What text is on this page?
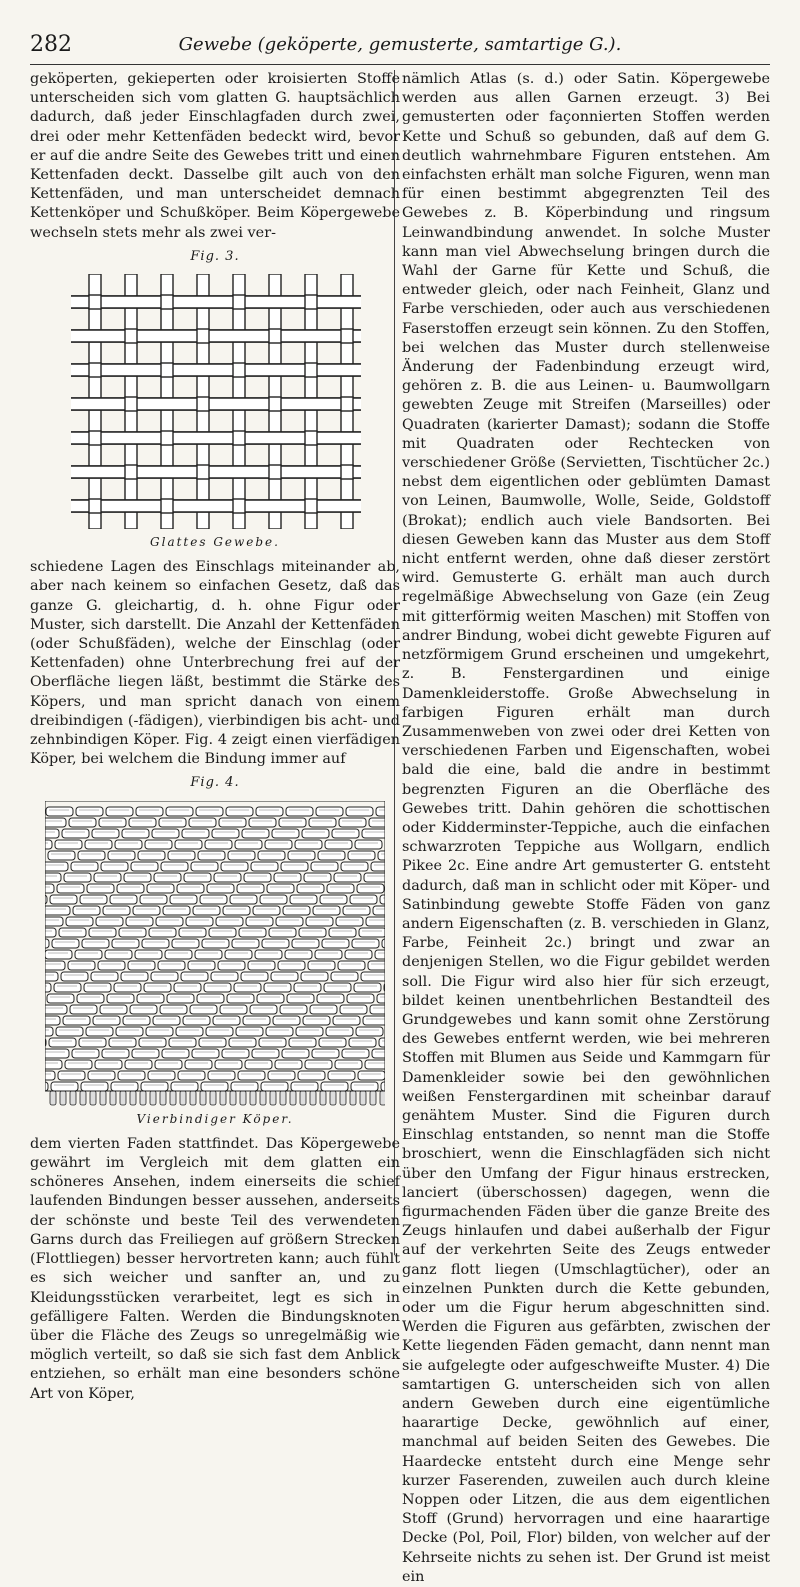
282	Gewebe (geköperte, gemusterte, samtartige G.).

geköperten, gekieperten oder kroisierten Stoffe unterscheiden sich vom glatten G. hauptsächlich dadurch, daß jeder Einschlagfaden durch zwei, drei oder mehr Kettenfäden bedeckt wird, bevor er auf die andre Seite des Gewebes tritt und einen Kettenfaden deckt. Dasselbe gilt auch von den Kettenfäden, und man unterscheidet demnach Kettenköper und Schußköper. Beim Köpergewebe wechseln stets mehr als zwei ver-

Fig. 3.
Glattes Gewebe.

schiedene Lagen des Einschlags miteinander ab, aber nach keinem so einfachen Gesetz, daß das ganze G. gleichartig, d. h. ohne Figur oder Muster, sich darstellt. Die Anzahl der Kettenfäden (oder Schußfäden), welche der Einschlag (oder Kettenfaden) ohne Unterbrechung frei auf der Oberfläche liegen läßt, bestimmt die Stärke des Köpers, und man spricht danach von einem dreibindigen (-fädigen), vierbindigen bis acht- und zehnbindigen Köper. Fig. 4 zeigt einen vierfädigen Köper, bei welchem die Bindung immer auf

Fig. 4.
Vierbindiger Köper.

dem vierten Faden stattfindet. Das Köpergewebe gewährt im Vergleich mit dem glatten ein schöneres Ansehen, indem einerseits die schief laufenden Bindungen besser aussehen, anderseits der schönste und beste Teil des verwendeten Garns durch das Freiliegen auf größern Strecken (Flottliegen) besser hervortreten kann; auch fühlt es sich weicher und sanfter an, und zu Kleidungsstücken verarbeitet, legt es sich in gefälligere Falten. Werden die Bindungsknoten über die Fläche des Zeugs so unregelmäßig wie möglich verteilt, so daß sie sich fast dem Anblick entziehen, so erhält man eine besonders schöne Art von Köper,

nämlich Atlas (s. d.) oder Satin. Köpergewebe werden aus allen Garnen erzeugt. 3) Bei gemusterten oder façonnierten Stoffen werden Kette und Schuß so gebunden, daß auf dem G. deutlich wahrnehmbare Figuren entstehen. Am einfachsten erhält man solche Figuren, wenn man für einen bestimmt abgegrenzten Teil des Gewebes z. B. Köperbindung und ringsum Leinwandbindung anwendet. In solche Muster kann man viel Abwechselung bringen durch die Wahl der Garne für Kette und Schuß, die entweder gleich, oder nach Feinheit, Glanz und Farbe verschieden, oder auch aus verschiedenen Faserstoffen erzeugt sein können. Zu den Stoffen, bei welchen das Muster durch stellenweise Änderung der Fadenbindung erzeugt wird, gehören z. B. die aus Leinen- u. Baumwollgarn gewebten Zeuge mit Streifen (Marseilles) oder Quadraten (karierter Damast); sodann die Stoffe mit Quadraten oder Rechtecken von verschiedener Größe (Servietten, Tischtücher 2c.) nebst dem eigentlichen oder geblümten Damast von Leinen, Baumwolle, Wolle, Seide, Goldstoff (Brokat); endlich auch viele Bandsorten. Bei diesen Geweben kann das Muster aus dem Stoff nicht entfernt werden, ohne daß dieser zerstört wird. Gemusterte G. erhält man auch durch regelmäßige Abwechselung von Gaze (ein Zeug mit gitterförmig weiten Maschen) mit Stoffen von andrer Bindung, wobei dicht gewebte Figuren auf netzförmigem Grund erscheinen und umgekehrt, z. B. Fenstergardinen und einige Damenkleiderstoffe. Große Abwechselung in farbigen Figuren erhält man durch Zusammenweben von zwei oder drei Ketten von verschiedenen Farben und Eigenschaften, wobei bald die eine, bald die andre in bestimmt begrenzten Figuren an die Oberfläche des Gewebes tritt. Dahin gehören die schottischen oder Kidderminster-Teppiche, auch die einfachen schwarzroten Teppiche aus Wollgarn, endlich Pikee 2c. Eine andre Art gemusterter G. entsteht dadurch, daß man in schlicht oder mit Köper- und Satinbindung gewebte Stoffe Fäden von ganz andern Eigenschaften (z. B. verschieden in Glanz, Farbe, Feinheit 2c.) bringt und zwar an denjenigen Stellen, wo die Figur gebildet werden soll. Die Figur wird also hier für sich erzeugt, bildet keinen unentbehrlichen Bestandteil des Grundgewebes und kann somit ohne Zerstörung des Gewebes entfernt werden, wie bei mehreren Stoffen mit Blumen aus Seide und Kammgarn für Damenkleider sowie bei den gewöhnlichen weißen Fenstergardinen mit scheinbar darauf genähtem Muster. Sind die Figuren durch Einschlag entstanden, so nennt man die Stoffe broschiert, wenn die Einschlagfäden sich nicht über den Umfang der Figur hinaus erstrecken, lanciert (überschossen) dagegen, wenn die figurmachenden Fäden über die ganze Breite des Zeugs hinlaufen und dabei außerhalb der Figur auf der verkehrten Seite des Zeugs entweder ganz flott liegen (Umschlagtücher), oder an einzelnen Punkten durch die Kette gebunden, oder um die Figur herum abgeschnitten sind. Werden die Figuren aus gefärbten, zwischen der Kette liegenden Fäden gemacht, dann nennt man sie aufgelegte oder aufgeschweifte Muster. 4) Die samtartigen G. unterscheiden sich von allen andern Geweben durch eine eigentümliche haarartige Decke, gewöhnlich auf einer, manchmal auf beiden Seiten des Gewebes. Die Haardecke entsteht durch eine Menge sehr kurzer Faserenden, zuweilen auch durch kleine Noppen oder Litzen, die aus dem eigentlichen Stoff (Grund) hervorragen und eine haarartige Decke (Pol, Poil, Flor) bilden, von welcher auf der Kehrseite nichts zu sehen ist. Der Grund ist meist ein
